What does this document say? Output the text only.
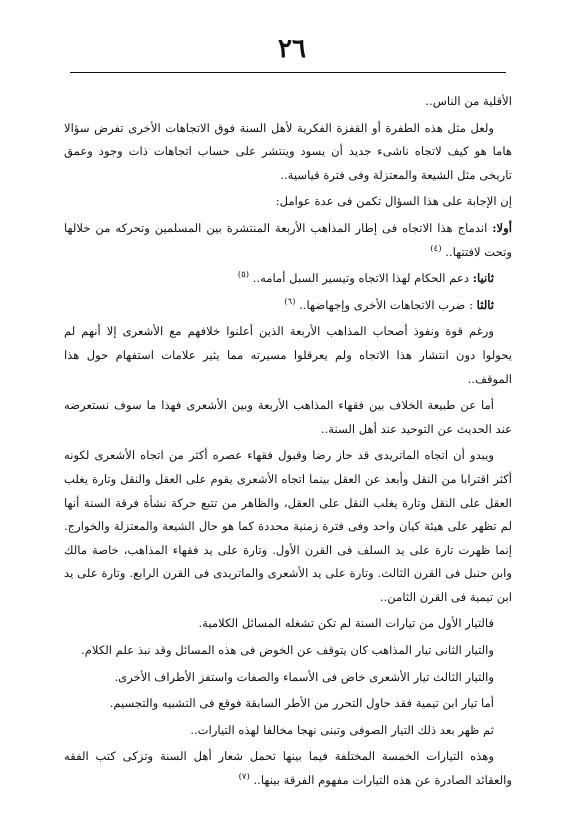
٢٦

الأقلية من الناس..

ولعل مثل هذه الطفرة أو القفزة الفكرية لأهل السنة فوق الاتجاهات الأخرى تفرض سؤالا هاما هو كيف لاتجاه ناشىء جديد أن يسود وينتشر على حساب اتجاهات ذات وجود وعمق تاريخى مثل الشيعة والمعتزلة وفى فترة قياسية..

إن الإجابة على هذا السؤال تكمن فى عدة عوامل:

أولا: اندماج هذا الاتجاه فى إطار المذاهب الأربعة المنتشرة بين المسلمين وتحركه من خلالها وتحت لافتتها.. $^{(٤)}$

ثانيا: دعم الحكام لهذا الاتجاه وتيسير السبل أمامه.. $^{(٥)}$

ثالثا : ضرب الاتجاهات الأخرى وإجهاضها.. $^{(٦)}$

ورغم قوة ونفوذ أصحاب المذاهب الأربعة الذين أعلنوا خلافهم مع الأشعرى إلا أنهم لم يحولوا دون انتشار هذا الاتجاه ولم يعرقلوا مسيرته مما يثير علامات استفهام حول هذا الموقف..

أما عن طبيعة الخلاف بين فقهاء المذاهب الأربعة وبين الأشعرى فهذا ما سوف نستعرضه عند الحديث عن التوحيد عند أهل السنة..

ويبدو أن اتجاه الماتريدى قد حاز رضا وقبول فقهاء عصره أكثر من اتجاه الأشعرى لكونه أكثر اقترابا من النقل وأبعد عن العقل بينما اتجاه الأشعرى يقوم على العقل والنقل وتارة يغلب العقل على النقل وتارة يغلب النقل على العقل، والظاهر من تتبع حركة نشأة فرقة السنة أنها لم تظهر على هيئة كيان واحد وفى فترة زمنية محددة كما هو حال الشيعة والمعتزلة والخوارج. إنما ظهرت تارة على يد السلف فى القرن الأول. وتارة على يد فقهاء المذاهب، خاصة مالك وابن حنبل فى القرن الثالث. وتارة على يد الأشعرى والماتريدى فى القرن الرابع. وتارة على يد ابن تيمية فى القرن الثامن..

فالتيار الأول من تيارات السنة لم تكن تشغله المسائل الكلامية.

والتيار الثانى تيار المذاهب كان يتوقف عن الخوض فى هذه المسائل وقد نبذ علم الكلام.

والتيار الثالث تيار الأشعرى خاض فى الأسماء والصفات واستفز الأطراف الأخرى.

أما تيار ابن تيمية فقد حاول التحرر من الأطر السابقة فوقع فى التشبيه والتجسيم.

ثم ظهر بعد ذلك التيار الصوفى وتبنى نهجا مخالفا لهذه التيارات..

وهذه التيارات الخمسة المختلفة فيما بينها تحمل شعار أهل السنة وتزكى كتب الفقه والعقائد الصادرة عن هذه التيارات مفهوم الفرقة بينها.. $^{(٧)}$
